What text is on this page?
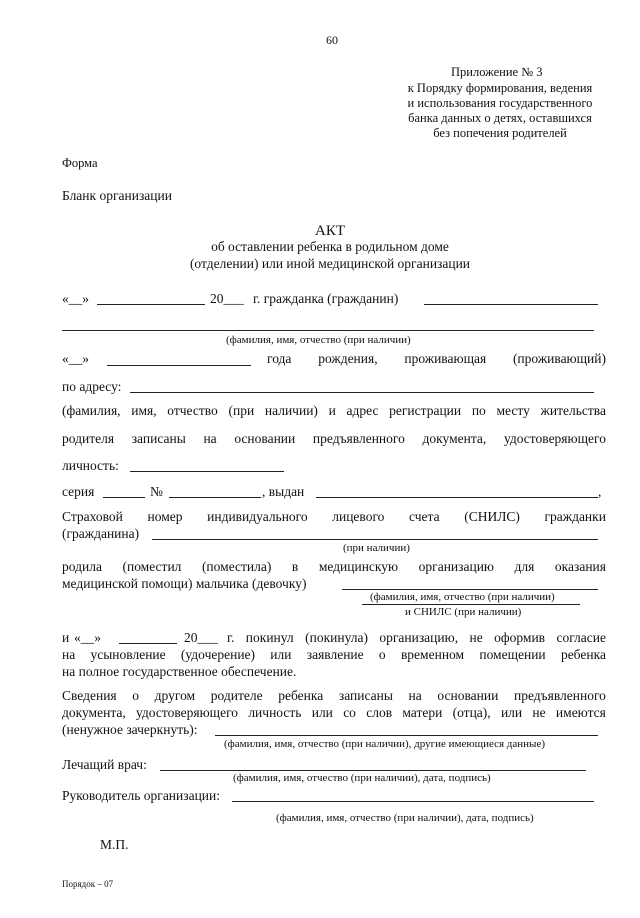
60
Приложение № 3
к Порядку формирования, ведения
и использования государственного
банка данных о детях, оставшихся
без попечения родителей
Форма
Бланк организации
АКТ
об оставлении ребенка в родильном доме
(отделении) или иной медицинской организации
«__»	20___ г. гражданка (гражданин)
(фамилия, имя, отчество (при наличии)
«__»	года рождения, проживающая (проживающий)
по адресу:
(фамилия, имя, отчество (при наличии) и адрес регистрации по месту жительства
родителя записаны на основании предъявленного документа, удостоверяющего
личность:
серия	№	, выдан	,
Страховой номер индивидуального лицевого счета (СНИЛС) гражданки
(гражданина)
(при наличии)
родила (поместил (поместила) в медицинскую организацию для оказания
медицинской помощи) мальчика (девочку)
(фамилия, имя, отчество (при наличии)
и СНИЛС (при наличии)
и «__»	20___ г. покинул (покинула) организацию, не оформив согласие
на усыновление (удочерение) или заявление о временном помещении ребенка
на полное государственное обеспечение.
Сведения о другом родителе ребенка записаны на основании предъявленного
документа, удостоверяющего личность или со слов матери (отца), или не имеются
(ненужное зачеркнуть):
(фамилия, имя, отчество (при наличии), другие имеющиеся данные)
Лечащий врач:
(фамилия, имя, отчество (при наличии), дата, подпись)
Руководитель организации:
(фамилия, имя, отчество (при наличии), дата, подпись)
М.П.
Порядок – 07
